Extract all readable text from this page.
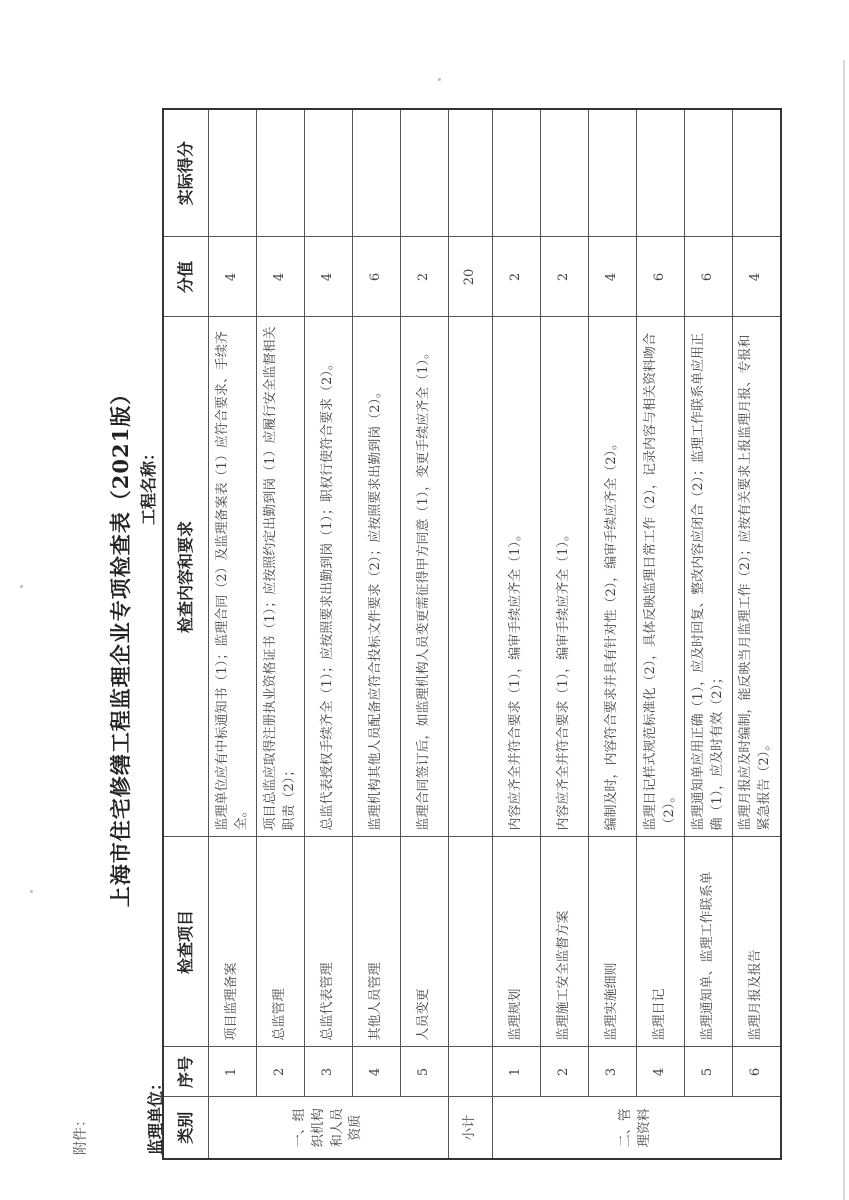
附件：
上海市住宅修缮工程监理企业专项检查表（2021版）
监理单位：
工程名称：
类别	序号	检查项目	检查内容和要求	分值	实际得分
一、组织机构和人员资质	1	项目监理备案	监理单位应有中标通知书（1）；监理合同（2）及监理备案表（1）应符合要求、手续齐全。	4	
	2	总监管理	项目总监应取得注册执业资格证书（1）；应按照约定出勤到岗（1）应履行安全监督相关职责（2）；	4	
	3	总监代表管理	总监代表授权手续齐全（1）；应按照要求出勤到岗（1）；职权行使符合要求（2）。	4	
	4	其他人员管理	监理机构其他人员配备应符合投标文件要求（2）；应按照要求出勤到岗（2）。	6	
	5	人员变更	监理合同签订后，如监理机构人员变更需征得甲方同意（1），变更手续应齐全（1）。	2	
小计				20	
二、管理资料	1	监理规划	内容应齐全并符合要求（1），编审手续应齐全（1）。	2	
	2	监理施工安全监督方案	内容应齐全并符合要求（1），编审手续应齐全（1）。	2	
	3	监理实施细则	编制及时，内容符合要求并具有针对性（2），编审手续应齐全（2）。	4	
	4	监理日记	监理日记样式规范标准化（2），具体反映监理日常工作（2），记录内容与相关资料吻合（2）。	6	
	5	监理通知单、监理工作联系单	监理通知单应用正确（1），应及时回复、整改内容应闭合（2）；监理工作联系单应用正确（1），应及时有效（2）；	6	
	6	监理月报及报告	监理月报应及时编制，能反映当月监理工作（2）；应按有关要求上报监理月报、专报和紧急报告（2）。	4	
